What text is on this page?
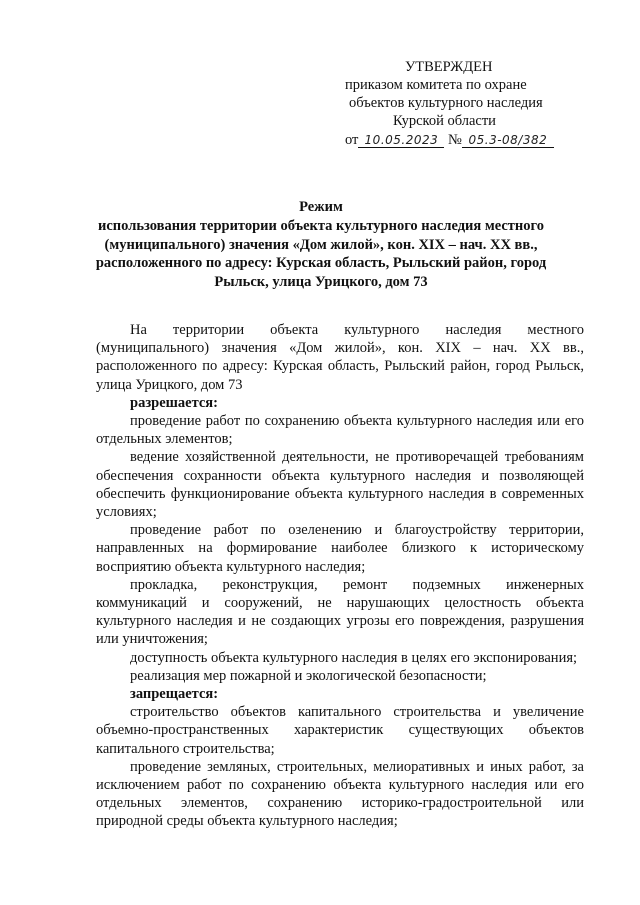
УТВЕРЖДЕН
приказом комитета по охране
объектов культурного наследия
Курской области
от 10.05.2023 № 05.3-08/382
Режим
использования территории объекта культурного наследия местного (муниципального) значения «Дом жилой», кон. XIX – нач. XX вв., расположенного по адресу: Курская область, Рыльский район, город Рыльск, улица Урицкого, дом 73

На территории объекта культурного наследия местного (муниципального) значения «Дом жилой», кон. XIX – нач. XX вв., расположенного по адресу: Курская область, Рыльский район, город Рыльск, улица Урицкого, дом 73

разрешается:

проведение работ по сохранению объекта культурного наследия или его отдельных элементов;

ведение хозяйственной деятельности, не противоречащей требованиям обеспечения сохранности объекта культурного наследия и позволяющей обеспечить функционирование объекта культурного наследия в современных условиях;

проведение работ по озеленению и благоустройству территории, направленных на формирование наиболее близкого к историческому восприятию объекта культурного наследия;

прокладка, реконструкция, ремонт подземных инженерных коммуникаций и сооружений, не нарушающих целостность объекта культурного наследия и не создающих угрозы его повреждения, разрушения или уничтожения;

доступность объекта культурного наследия в целях его экспонирования;

реализация мер пожарной и экологической безопасности;

запрещается:

строительство объектов капитального строительства и увеличение объемно-пространственных характеристик существующих объектов капитального строительства;

проведение земляных, строительных, мелиоративных и иных работ, за исключением работ по сохранению объекта культурного наследия или его отдельных элементов, сохранению историко-градостроительной или природной среды объекта культурного наследия;
